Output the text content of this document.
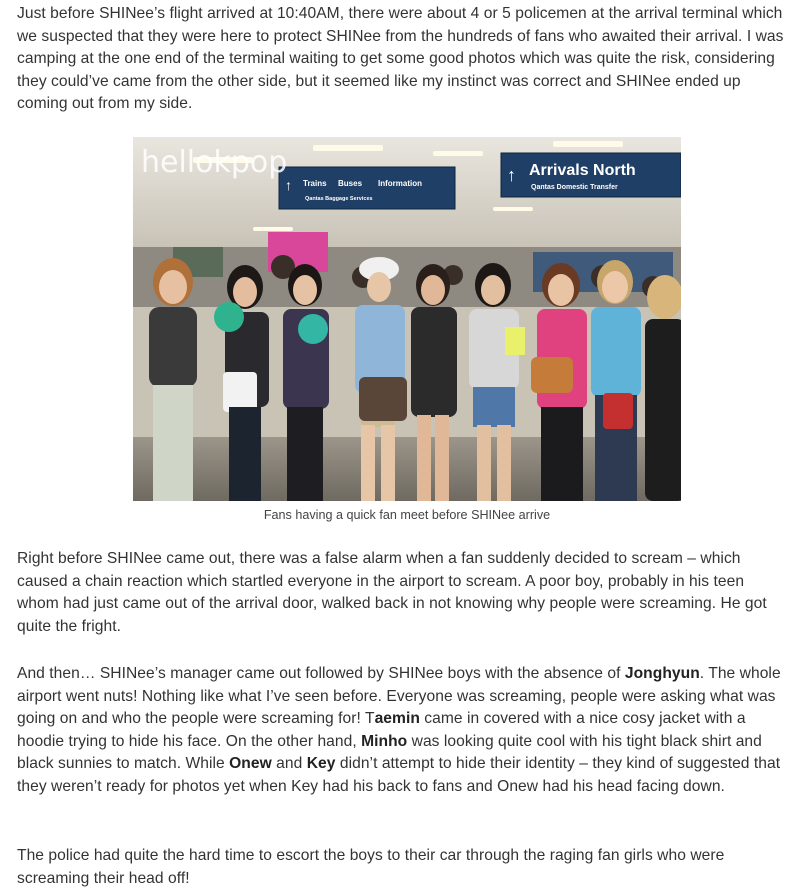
Just before SHINee’s flight arrived at 10:40AM, there were about 4 or 5 policemen at the arrival terminal which we suspected that they were here to protect SHINee from the hundreds of fans who awaited their arrival. I was camping at the one end of the terminal waiting to get some good photos which was quite the risk, considering they could’ve came from the other side, but it seemed like my instinct was correct and SHINee ended up coming out from my side.

↑ Trains Buses Information
Qantas Baggage Services
↑ Arrivals North
Qantas Domestic Transfer
hellokpop
Fans having a quick fan meet before SHINee arrive

Right before SHINee came out, there was a false alarm when a fan suddenly decided to scream – which caused a chain reaction which startled everyone in the airport to scream. A poor boy, probably in his teen whom had just came out of the arrival door, walked back in not knowing why people were screaming. He got quite the fright.

And then… SHINee’s manager came out followed by SHINee boys with the absence of Jonghyun. The whole airport went nuts! Nothing like what I’ve seen before. Everyone was screaming, people were asking what was going on and who the people were screaming for! Taemin came in covered with a nice cosy jacket with a hoodie trying to hide his face. On the other hand, Minho was looking quite cool with his tight black shirt and black sunnies to match. While Onew and Key didn’t attempt to hide their identity – they kind of suggested that they weren’t ready for photos yet when Key had his back to fans and Onew had his head facing down.

The police had quite the hard time to escort the boys to their car through the raging fan girls who were screaming their head off!
